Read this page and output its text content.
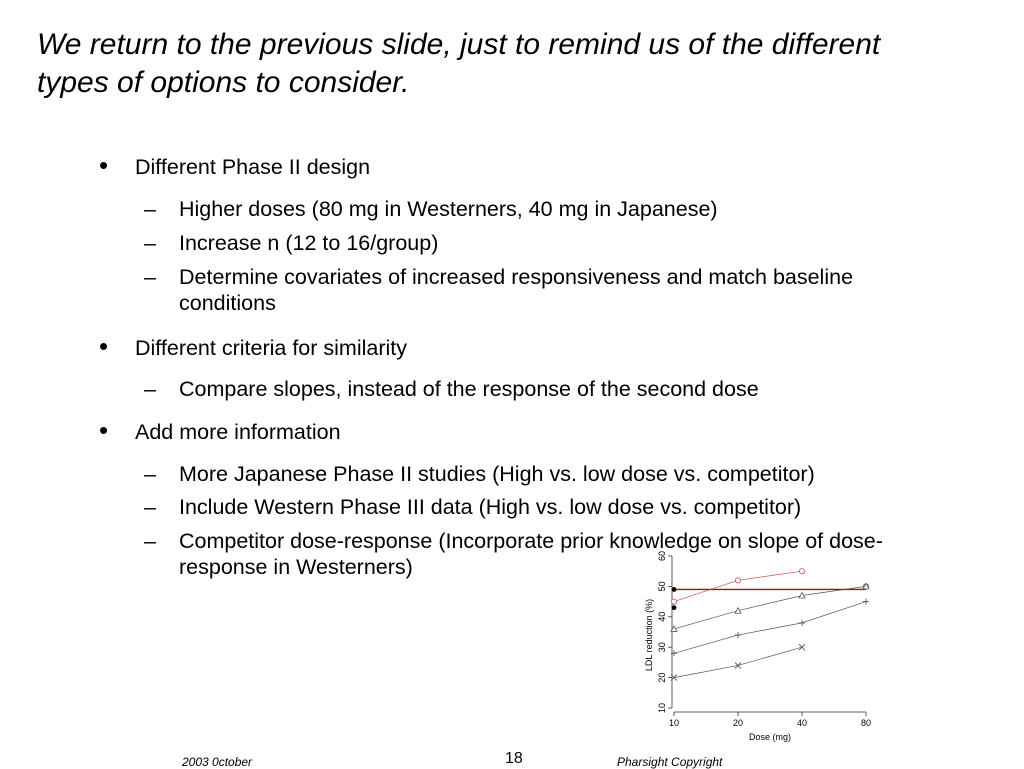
We return to the previous slide, just to remind us of the different types of options to consider.
• Different Phase II design
– Higher doses (80 mg in Westerners, 40 mg in Japanese)
– Increase n (12 to 16/group)
– Determine covariates of increased responsiveness and match baseline conditions
• Different criteria for similarity
– Compare slopes, instead of the response of the second dose
• Add more information
– More Japanese Phase II studies (High vs. low dose vs. competitor)
– Include Western Phase III data (High vs. low dose vs. competitor)
– Competitor dose-response (Incorporate prior knowledge on slope of dose-response in Westerners)
10	20	40	80
10
20
30
40
50
60
Dose (mg)
LDL reduction (%)
2003 0ctober	18	Pharsight Copyright
